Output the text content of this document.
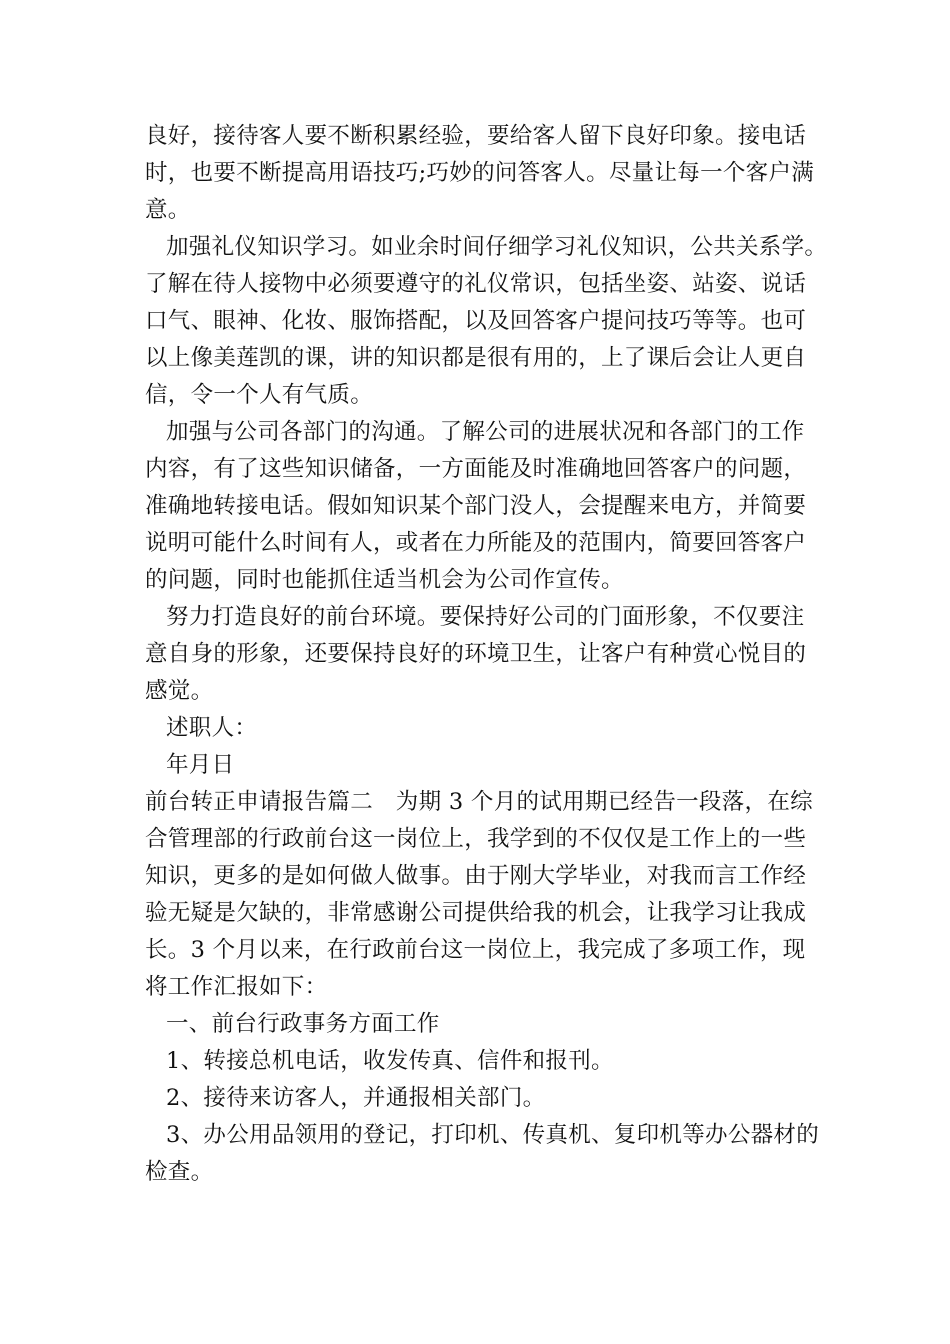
良好，接待客人要不断积累经验，要给客人留下良好印象。接电话
时，也要不断提高用语技巧;巧妙的问答客人。尽量让每一个客户满
意。
加强礼仪知识学习。如业余时间仔细学习礼仪知识，公共关系学。
了解在待人接物中必须要遵守的礼仪常识，包括坐姿、站姿、说话
口气、眼神、化妆、服饰搭配，以及回答客户提问技巧等等。也可
以上像美莲凯的课，讲的知识都是很有用的，上了课后会让人更自
信，令一个人有气质。
加强与公司各部门的沟通。了解公司的进展状况和各部门的工作
内容，有了这些知识储备，一方面能及时准确地回答客户的问题，
准确地转接电话。假如知识某个部门没人，会提醒来电方，并简要
说明可能什么时间有人，或者在力所能及的范围内，简要回答客户
的问题，同时也能抓住适当机会为公司作宣传。
努力打造良好的前台环境。要保持好公司的门面形象，不仅要注
意自身的形象，还要保持良好的环境卫生，让客户有种赏心悦目的
感觉。
述职人：
年月日
前台转正申请报告篇二　为期 3 个月的试用期已经告一段落，在综
合管理部的行政前台这一岗位上，我学到的不仅仅是工作上的一些
知识，更多的是如何做人做事。由于刚大学毕业，对我而言工作经
验无疑是欠缺的，非常感谢公司提供给我的机会，让我学习让我成
长。3 个月以来，在行政前台这一岗位上，我完成了多项工作，现
将工作汇报如下：
一、前台行政事务方面工作
1、转接总机电话，收发传真、信件和报刊。
2、接待来访客人，并通报相关部门。
3、办公用品领用的登记，打印机、传真机、复印机等办公器材的
检查。
